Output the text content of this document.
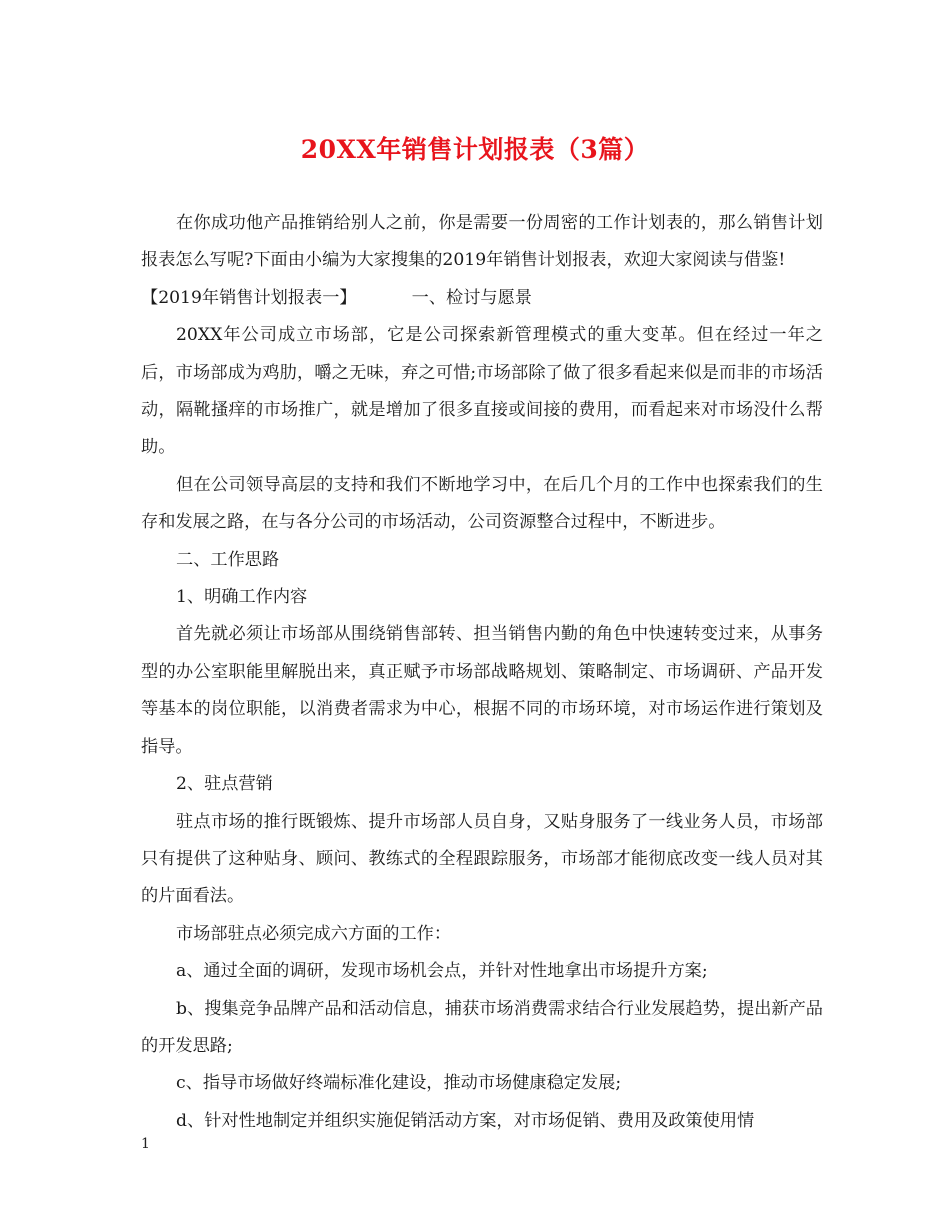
20XX年销售计划报表（3篇）

在你成功他产品推销给别人之前，你是需要一份周密的工作计划表的，那么销售计划报表怎么写呢?下面由小编为大家搜集的2019年销售计划报表，欢迎大家阅读与借鉴!

【2019年销售计划报表一】	一、检讨与愿景

20XX年公司成立市场部，它是公司探索新管理模式的重大变革。但在经过一年之后，市场部成为鸡肋，嚼之无味，弃之可惜;市场部除了做了很多看起来似是而非的市场活动，隔靴搔痒的市场推广，就是增加了很多直接或间接的费用，而看起来对市场没什么帮助。

但在公司领导高层的支持和我们不断地学习中，在后几个月的工作中也探索我们的生存和发展之路，在与各分公司的市场活动，公司资源整合过程中，不断进步。

二、工作思路

1、明确工作内容

首先就必须让市场部从围绕销售部转、担当销售内勤的角色中快速转变过来，从事务型的办公室职能里解脱出来，真正赋予市场部战略规划、策略制定、市场调研、产品开发等基本的岗位职能，以消费者需求为中心，根据不同的市场环境，对市场运作进行策划及指导。

2、驻点营销

驻点市场的推行既锻炼、提升市场部人员自身，又贴身服务了一线业务人员，市场部只有提供了这种贴身、顾问、教练式的全程跟踪服务，市场部才能彻底改变一线人员对其的片面看法。

市场部驻点必须完成六方面的工作：

a、通过全面的调研，发现市场机会点，并针对性地拿出市场提升方案;

b、搜集竞争品牌产品和活动信息，捕获市场消费需求结合行业发展趋势，提出新产品的开发思路;

c、指导市场做好终端标准化建设，推动市场健康稳定发展;

d、针对性地制定并组织实施促销活动方案，对市场促销、费用及政策使用情

1
